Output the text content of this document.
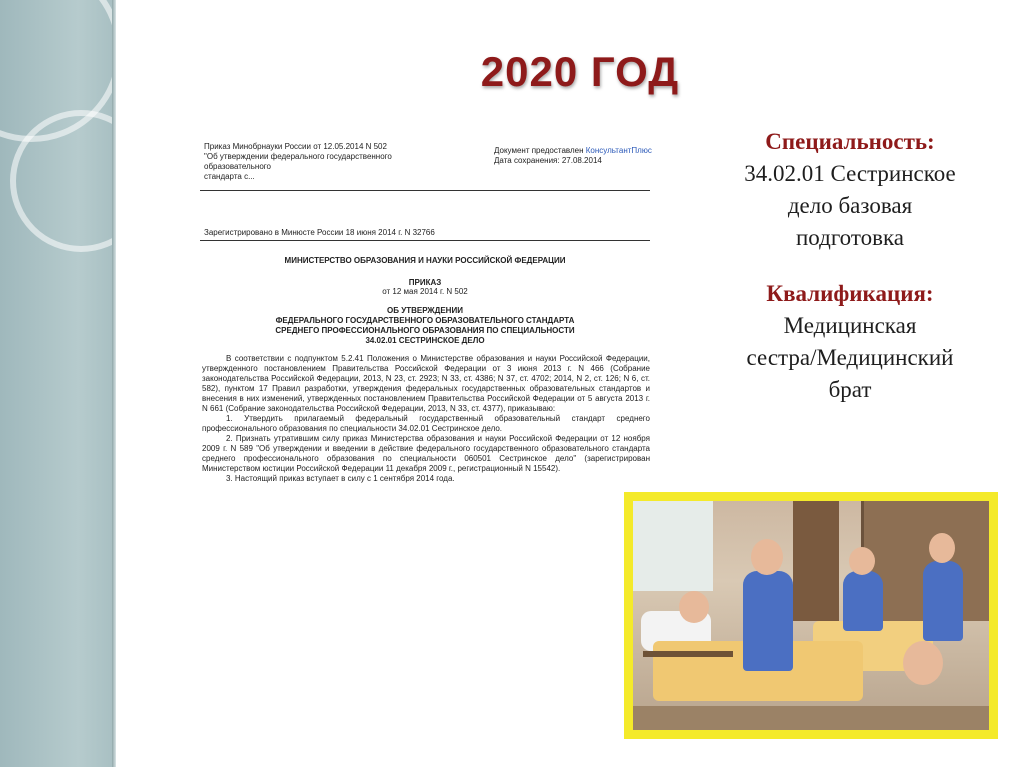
2020 ГОД
Приказ Минобрнауки России от 12.05.2014 N 502
"Об утверждении федерального государственного образовательного
стандарта с...
Документ предоставлен КонсультантПлюс
Дата сохранения: 27.08.2014
Зарегистрировано в Минюсте России 18 июня 2014 г. N 32766
МИНИСТЕРСТВО ОБРАЗОВАНИЯ И НАУКИ РОССИЙСКОЙ ФЕДЕРАЦИИ
ПРИКАЗ
от 12 мая 2014 г. N 502
ОБ УТВЕРЖДЕНИИ
ФЕДЕРАЛЬНОГО ГОСУДАРСТВЕННОГО ОБРАЗОВАТЕЛЬНОГО СТАНДАРТА
СРЕДНЕГО ПРОФЕССИОНАЛЬНОГО ОБРАЗОВАНИЯ ПО СПЕЦИАЛЬНОСТИ
34.02.01 СЕСТРИНСКОЕ ДЕЛО

В соответствии с подпунктом 5.2.41 Положения о Министерстве образования и науки Российской Федерации, утвержденного постановлением Правительства Российской Федерации от 3 июня 2013 г. N 466 (Собрание законодательства Российской Федерации, 2013, N 23, ст. 2923; N 33, ст. 4386; N 37, ст. 4702; 2014, N 2, ст. 126; N 6, ст. 582), пунктом 17 Правил разработки, утверждения федеральных государственных образовательных стандартов и внесения в них изменений, утвержденных постановлением Правительства Российской Федерации от 5 августа 2013 г. N 661 (Собрание законодательства Российской Федерации, 2013, N 33, ст. 4377), приказываю:

1. Утвердить прилагаемый федеральный государственный образовательный стандарт среднего профессионального образования по специальности 34.02.01 Сестринское дело.

2. Признать утратившим силу приказ Министерства образования и науки Российской Федерации от 12 ноября 2009 г. N 589 "Об утверждении и введении в действие федерального государственного образовательного стандарта среднего профессионального образования по специальности 060501 Сестринское дело" (зарегистрирован Министерством юстиции Российской Федерации 11 декабря 2009 г., регистрационный N 15542).

3. Настоящий приказ вступает в силу с 1 сентября 2014 года.

Специальность:
34.02.01 Сестринское
дело базовая
подготовка
Квалификация:
Медицинская
сестра/Медицинский
брат
